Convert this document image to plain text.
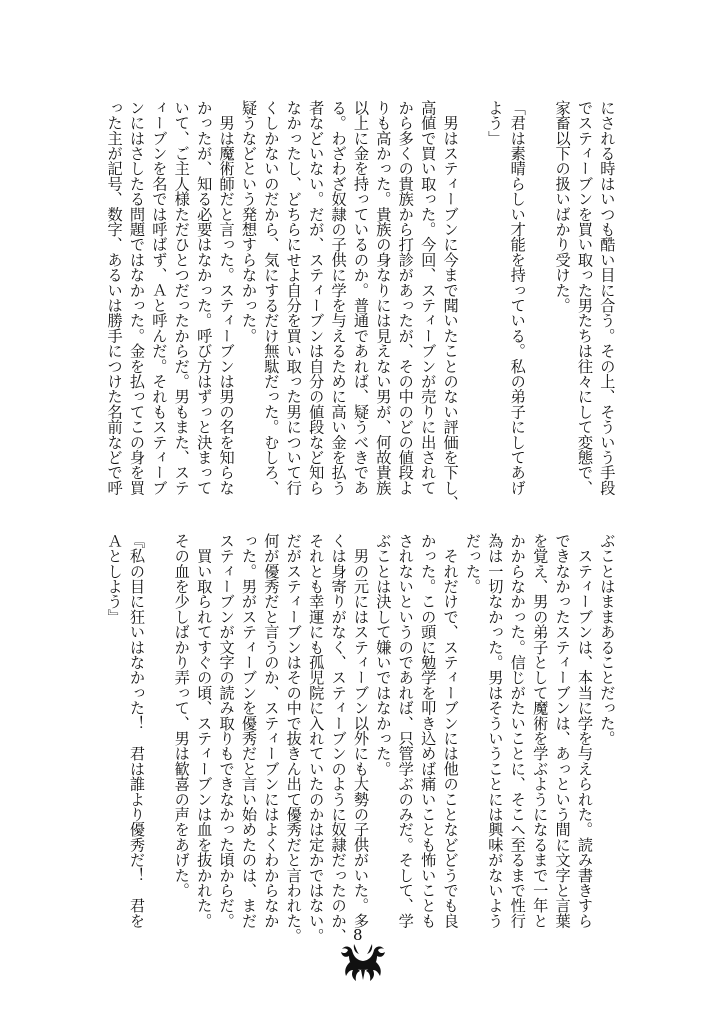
にされる時はいつも酷い目に合う。その上、そういう手段
でスティーブンを買い取った男たちは往々にして変態で、
家畜以下の扱いばかり受けた。
「君は素晴らしい才能を持っている。私の弟子にしてあげ
よう」
　男はスティーブンに今まで聞いたことのない評価を下し、
高値で買い取った。今回、スティーブンが売りに出されて
から多くの貴族から打診があったが、その中のどの値段よ
りも高かった。貴族の身なりには見えない男が、何故貴族
以上に金を持っているのか。普通であれば、疑うべきであ
る。わざわざ奴隷の子供に学を与えるために高い金を払う
者などいない。だが、スティーブンは自分の値段など知ら
なかったし、どちらにせよ自分を買い取った男について行
くしかないのだから、気にするだけ無駄だった。むしろ、
疑うなどという発想すらなかった。
　男は魔術師だと言った。スティーブンは男の名を知らな
かったが、知る必要はなかった。呼び方はずっと決まって
いて、ご主人様ただひとつだったからだ。男もまた、ステ
ィーブンを名では呼ばず、Ａと呼んだ。それもスティーブ
ンにはさしたる問題ではなかった。金を払ってこの身を買
った主が記号、数字、あるいは勝手につけた名前などで呼
ぶことはままあることだった。
　スティーブンは、本当に学を与えられた。読み書きすら
できなかったスティーブンは、あっという間に文字と言葉
を覚え、男の弟子として魔術を学ぶようになるまで一年と
かからなかった。信じがたいことに、そこへ至るまで性行
為は一切なかった。男はそういうことには興味がないよう
だった。
　それだけで、スティーブンには他のことなどどうでも良
かった。この頭に勉学を叩き込めば痛いことも怖いことも
されないというのであれば、只管学ぶのみだ。そして、学
ぶことは決して嫌いではなかった。
　男の元にはスティーブン以外にも大勢の子供がいた。多
くは身寄りがなく、スティーブンのように奴隷だったのか、
それとも幸運にも孤児院に入れていたのかは定かではない。
だがスティーブンはその中で抜きん出て優秀だと言われた。
何が優秀だと言うのか、スティーブンにはよくわからなか
った。男がスティーブンを優秀だと言い始めたのは、まだ
スティーブンが文字の読み取りもできなかった頃からだ。
　買い取られてすぐの頃、スティーブンは血を抜かれた。
その血を少しばかり弄って、男は歓喜の声をあげた。
『私の目に狂いはなかった！　君は誰より優秀だ！　君を
Ａとしよう』
8
